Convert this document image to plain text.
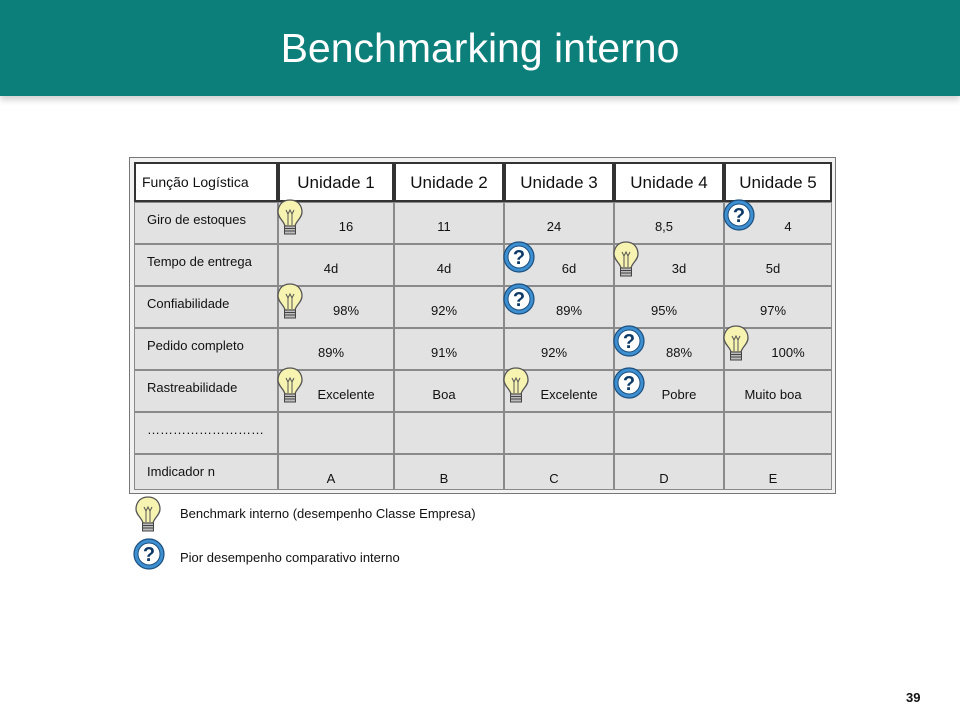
Benchmarking interno
Função Logística	Unidade 1	Unidade 2	Unidade 3	Unidade 4	Unidade 5
Giro de estoques	16	11	24	8,5	4
Tempo de entrega	4d	4d	6d	3d	5d
Confiabilidade	98%	92%	89%	95%	97%
Pedido completo	89%	91%	92%	88%	100%
Rastreabilidade	Excelente	Boa	Excelente	Pobre	Muito boa
………………………
Imdicador n	A	B	C	D	E
?
?
?
?
?
Benchmark interno (desempenho Classe Empresa)
? Pior desempenho comparativo interno
39
